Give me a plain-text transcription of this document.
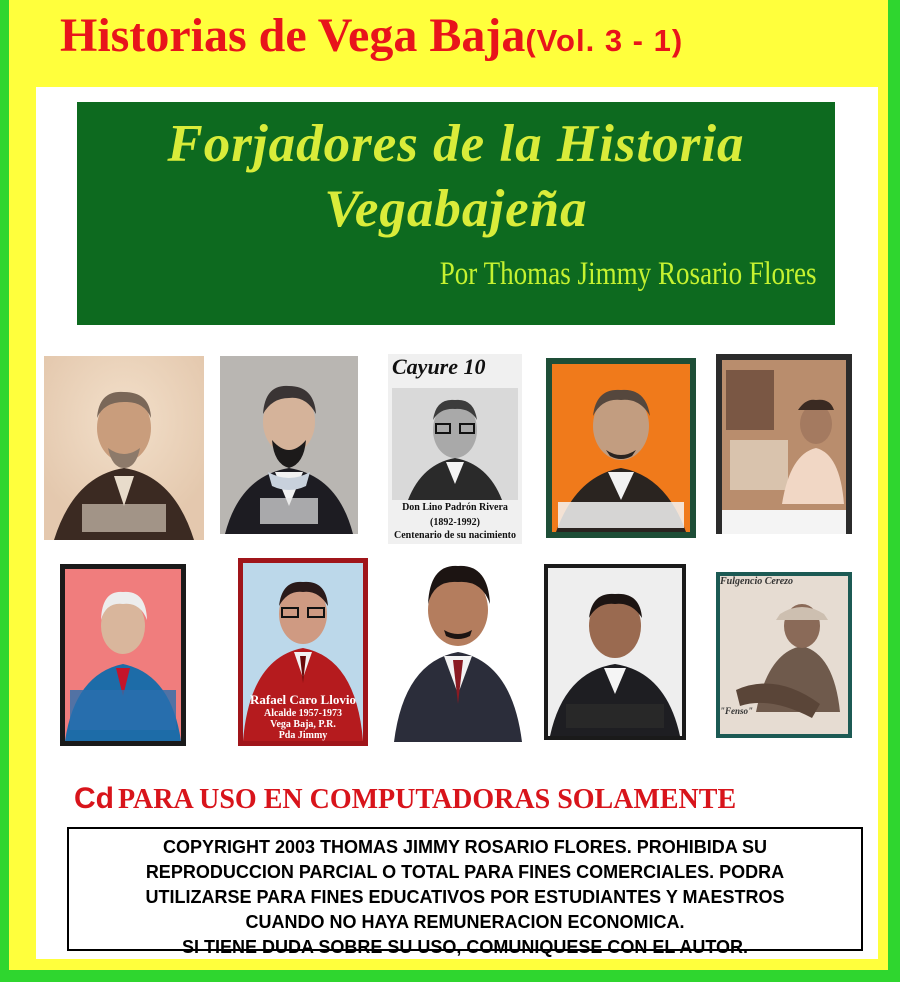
Historias de Vega Baja(Vol. 3 - 1)
Forjadores de la Historia
Vegabajeña
Por Thomas Jimmy Rosario Flores
Cayure 10
Don Lino Padrón Rivera
(1892-1992)
Centenario de su nacimiento
Rafael Caro Llovio
Alcalde 1957-1973
Vega Baja, P.R.
Pda Jimmy
Fulgencio Cerezo
"Fenso"
Cd PARA USO EN COMPUTADORAS SOLAMENTE

COPYRIGHT 2003 THOMAS JIMMY ROSARIO FLORES. PROHIBIDA SU

REPRODUCCION PARCIAL O TOTAL PARA FINES COMERCIALES. PODRA

UTILIZARSE PARA FINES EDUCATIVOS POR ESTUDIANTES Y MAESTROS

CUANDO NO HAYA REMUNERACION ECONOMICA.

SI TIENE DUDA SOBRE SU USO, COMUNIQUESE CON EL AUTOR.
